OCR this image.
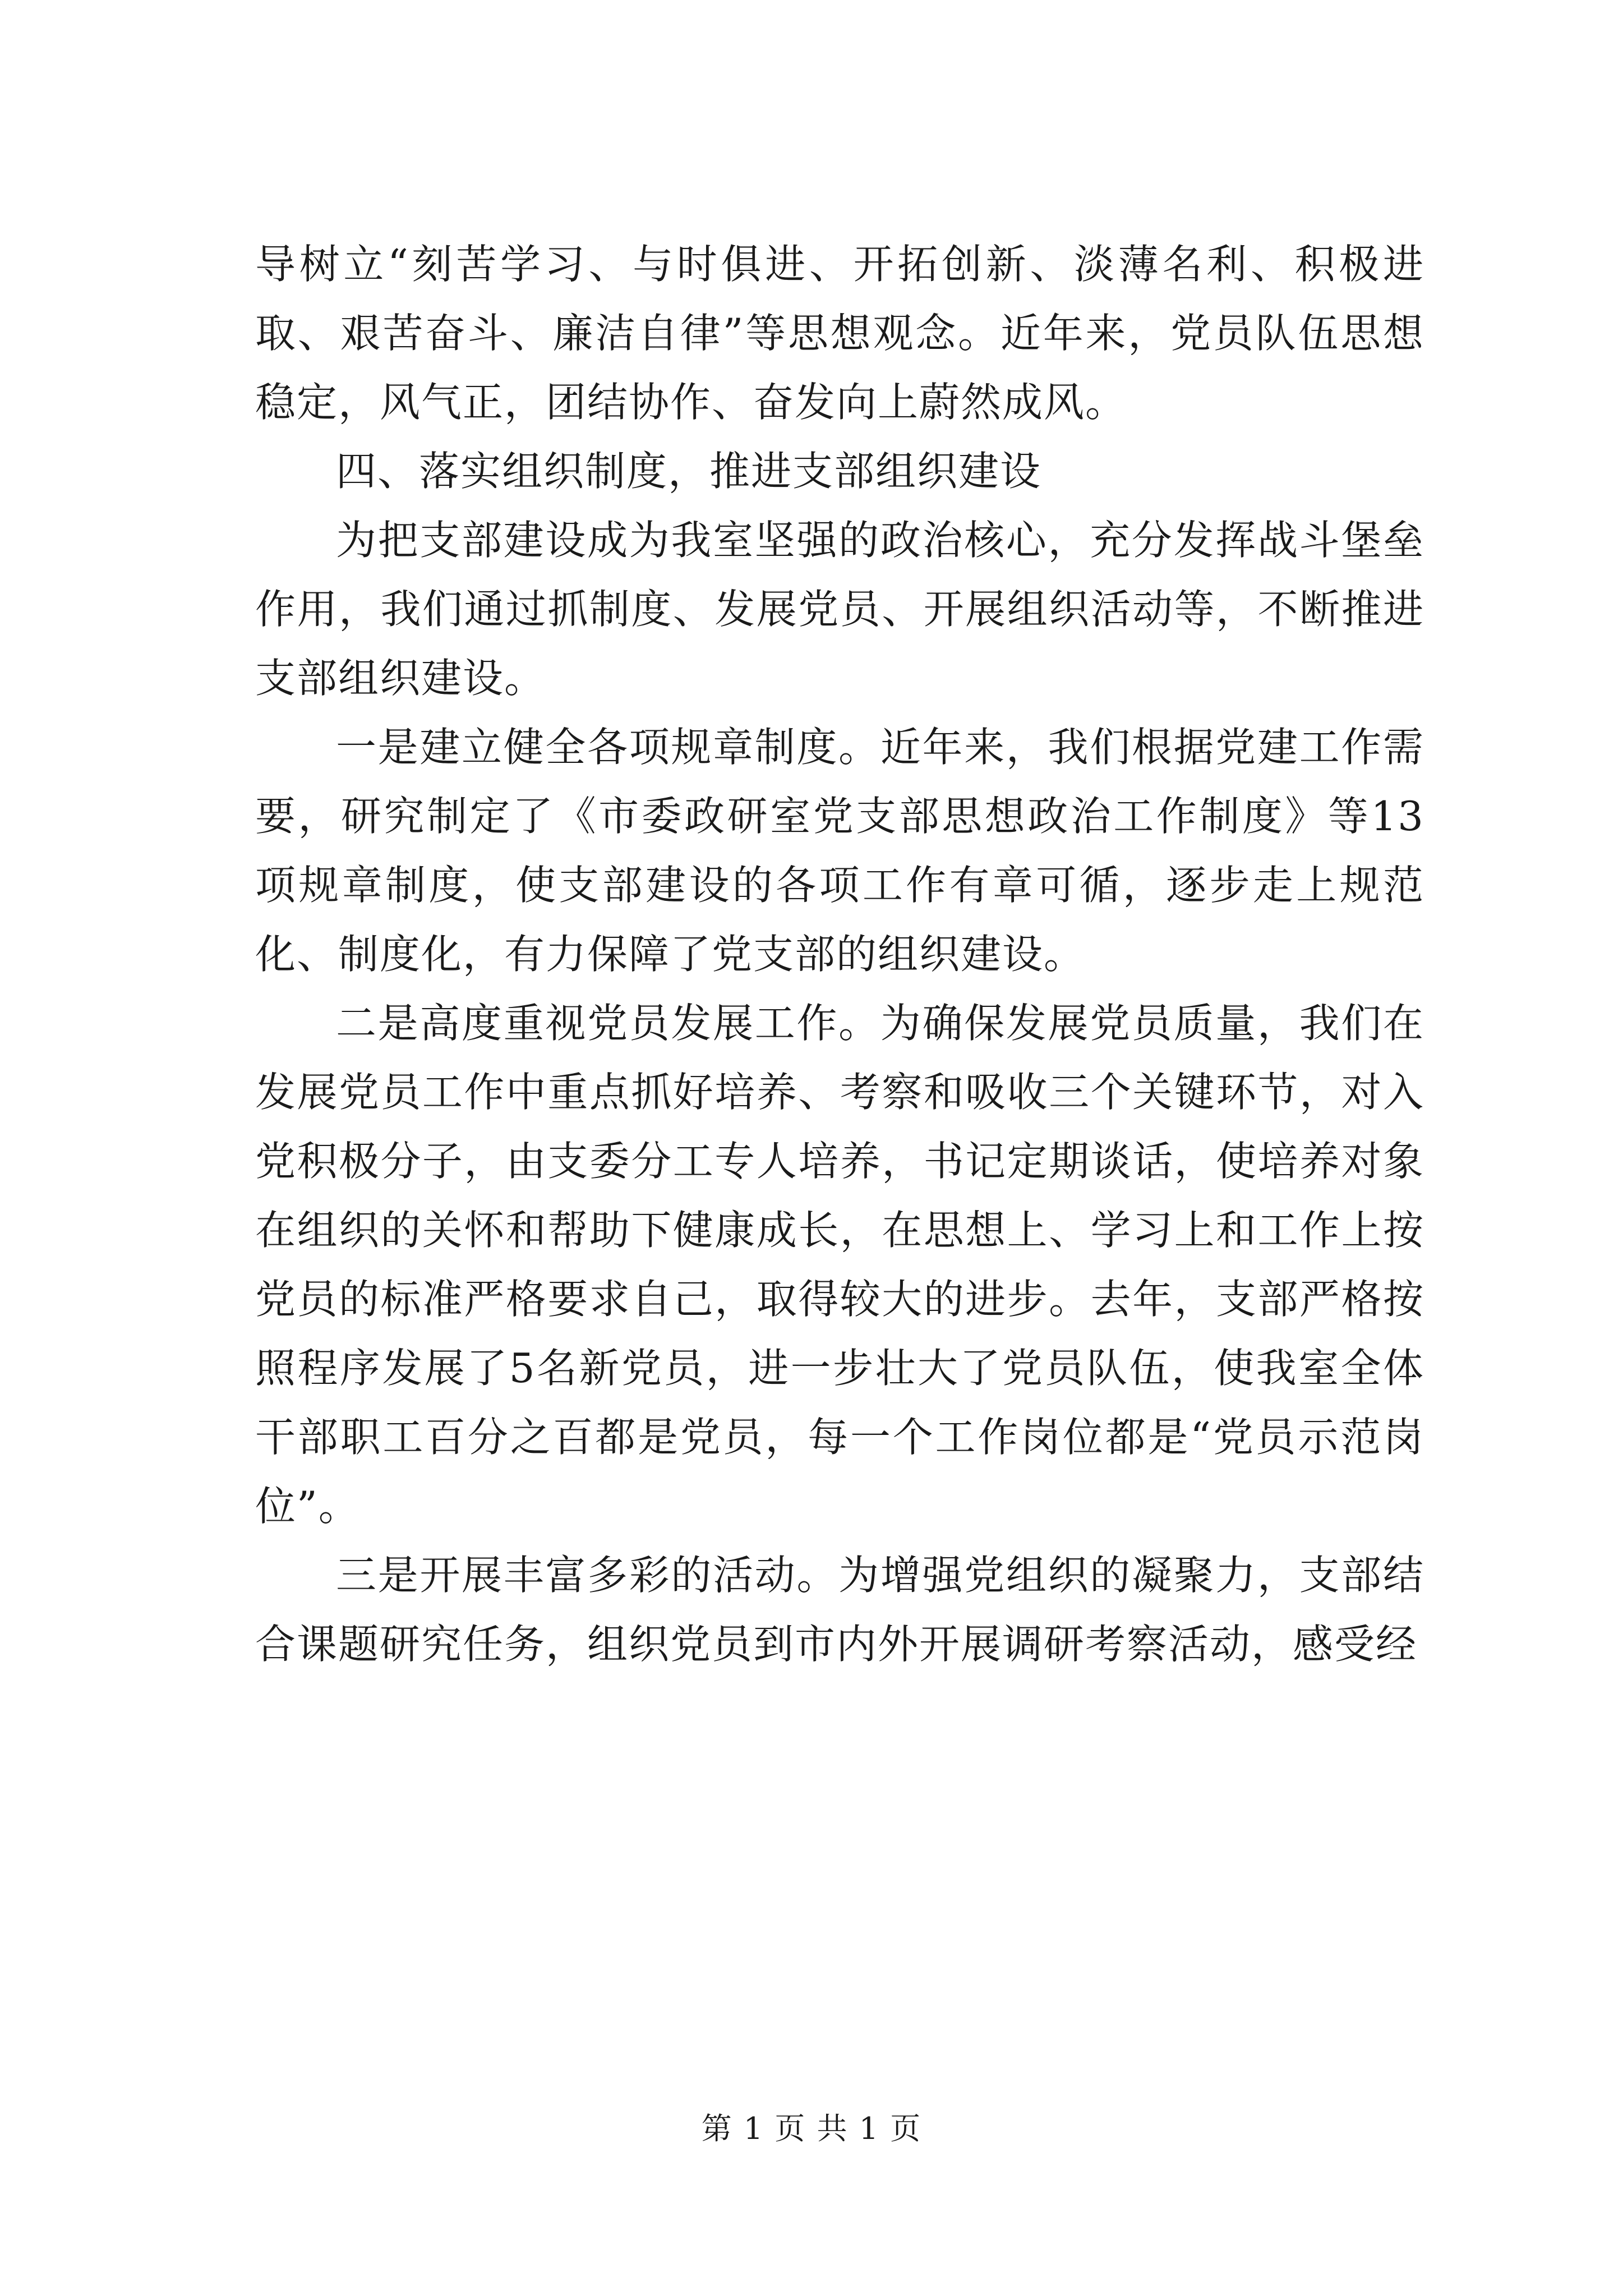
导树立“刻苦学习、与时俱进、开拓创新、淡薄名利、积极进取、艰苦奋斗、廉洁自律”等思想观念。近年来，党员队伍思想稳定，风气正，团结协作、奋发向上蔚然成风。

四、落实组织制度，推进支部组织建设

为把支部建设成为我室坚强的政治核心，充分发挥战斗堡垒作用，我们通过抓制度、发展党员、开展组织活动等，不断推进支部组织建设。

一是建立健全各项规章制度。近年来，我们根据党建工作需要，研究制定了《市委政研室党支部思想政治工作制度》等13项规章制度，使支部建设的各项工作有章可循，逐步走上规范化、制度化，有力保障了党支部的组织建设。

二是高度重视党员发展工作。为确保发展党员质量，我们在发展党员工作中重点抓好培养、考察和吸收三个关键环节，对入党积极分子，由支委分工专人培养，书记定期谈话，使培养对象在组织的关怀和帮助下健康成长，在思想上、学习上和工作上按党员的标准严格要求自己，取得较大的进步。去年，支部严格按照程序发展了5名新党员，进一步壮大了党员队伍，使我室全体干部职工百分之百都是党员，每一个工作岗位都是“党员示范岗位”。

三是开展丰富多彩的活动。为增强党组织的凝聚力，支部结合课题研究任务，组织党员到市内外开展调研考察活动，感受经

第 1 页 共 1 页
